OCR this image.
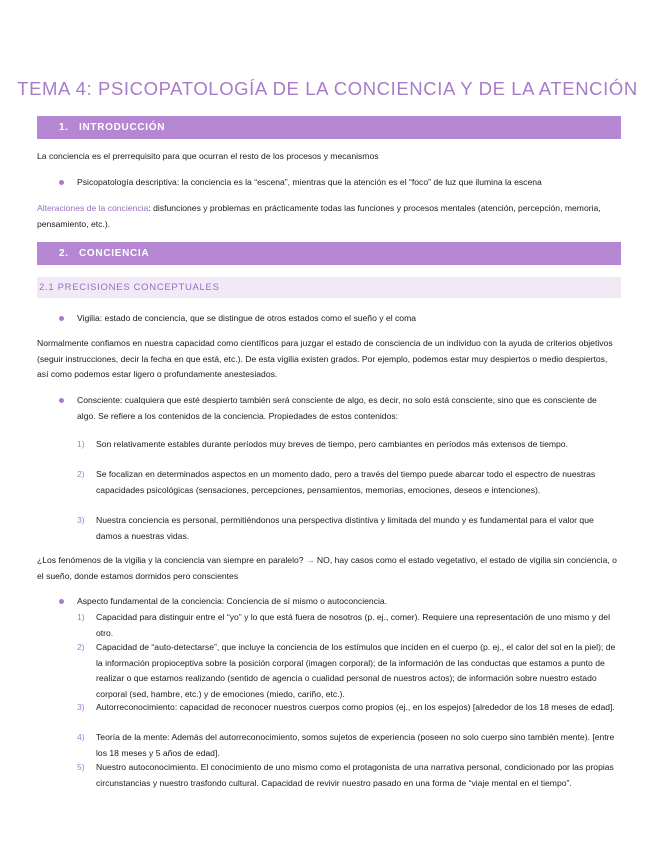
TEMA 4: PSICOPATOLOGÍA DE LA CONCIENCIA Y DE LA ATENCIÓN
1. INTRODUCCIÓN

La conciencia es el prerrequisito para que ocurran el resto de los procesos y mecanismos

Psicopatología descriptiva: la conciencia es la “escena”, mientras que la atención es el “foco” de luz que ilumina la escena

Alteraciones de la conciencia: disfunciones y problemas en prácticamente todas las funciones y procesos mentales (atención, percepción, memoria, pensamiento, etc.).

2. CONCIENCIA
2.1 PRECISIONES CONCEPTUALES

Vigilia: estado de conciencia, que se distingue de otros estados como el sueño y el coma

Normalmente confiamos en nuestra capacidad como científicos para juzgar el estado de consciencia de un individuo con la ayuda de criterios objetivos (seguir instrucciones, decir la fecha en que está, etc.). De esta vigilia existen grados. Por ejemplo, podemos estar muy despiertos o medio despiertos, así como podemos estar ligero o profundamente anestesiados.

Consciente: cualquiera que esté despierto también será consciente de algo, es decir, no solo está consciente, sino que es consciente de algo. Se refiere a los contenidos de la conciencia. Propiedades de estos contenidos:

1) Son relativamente estables durante períodos muy breves de tiempo, pero cambiantes en períodos más extensos de tiempo.

2) Se focalizan en determinados aspectos en un momento dado, pero a través del tiempo puede abarcar todo el espectro de nuestras capacidades psicológicas (sensaciones, percepciones, pensamientos, memorias, emociones, deseos e intenciones).

3) Nuestra conciencia es personal, permitiéndonos una perspectiva distintiva y limitada del mundo y es fundamental para el valor que damos a nuestras vidas.

¿Los fenómenos de la vigilia y la conciencia van siempre en paralelo? → NO, hay casos como el estado vegetativo, el estado de vigilia sin conciencia, o el sueño, donde estamos dormidos pero conscientes

Aspecto fundamental de la conciencia: Conciencia de sí mismo o autoconciencia.

1) Capacidad para distinguir entre el “yo” y lo que está fuera de nosotros (p. ej., comer). Requiere una representación de uno mismo y del otro.

2) Capacidad de “auto-detectarse”, que incluye la conciencia de los estímulos que inciden en el cuerpo (p. ej., el calor del sol en la piel); de la información propioceptiva sobre la posición corporal (imagen corporal); de la información de las conductas que estamos a punto de realizar o que estamos realizando (sentido de agencia o cualidad personal de nuestros actos); de información sobre nuestro estado corporal (sed, hambre, etc.) y de emociones (miedo, cariño, etc.).

3) Autorreconocimiento: capacidad de reconocer nuestros cuerpos como propios (ej., en los espejos) [alrededor de los 18 meses de edad].

4) Teoría de la mente: Además del autorreconocimiento, somos sujetos de experiencia (poseen no solo cuerpo sino también mente). [entre los 18 meses y 5 años de edad].

5) Nuestro autoconocimiento. El conocimiento de uno mismo como el protagonista de una narrativa personal, condicionado por las propias circunstancias y nuestro trasfondo cultural. Capacidad de revivir nuestro pasado en una forma de “viaje mental en el tiempo”.
